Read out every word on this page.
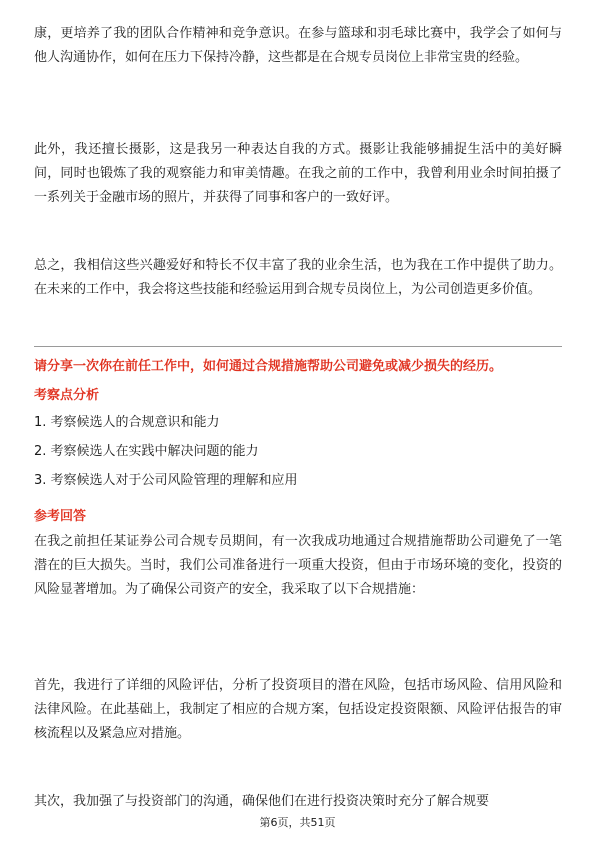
康，更培养了我的团队合作精神和竞争意识。在参与篮球和羽毛球比赛中，我学会了如何与他人沟通协作，如何在压力下保持冷静，这些都是在合规专员岗位上非常宝贵的经验。

此外，我还擅长摄影，这是我另一种表达自我的方式。摄影让我能够捕捉生活中的美好瞬间，同时也锻炼了我的观察能力和审美情趣。在我之前的工作中，我曾利用业余时间拍摄了一系列关于金融市场的照片，并获得了同事和客户的一致好评。

总之，我相信这些兴趣爱好和特长不仅丰富了我的业余生活，也为我在工作中提供了助力。在未来的工作中，我会将这些技能和经验运用到合规专员岗位上，为公司创造更多价值。

请分享一次你在前任工作中，如何通过合规措施帮助公司避免或减少损失的经历。

考察点分析

1. 考察候选人的合规意识和能力

2. 考察候选人在实践中解决问题的能力

3. 考察候选人对于公司风险管理的理解和应用

参考回答

在我之前担任某证券公司合规专员期间，有一次我成功地通过合规措施帮助公司避免了一笔潜在的巨大损失。当时，我们公司准备进行一项重大投资，但由于市场环境的变化，投资的风险显著增加。为了确保公司资产的安全，我采取了以下合规措施：

首先，我进行了详细的风险评估，分析了投资项目的潜在风险，包括市场风险、信用风险和法律风险。在此基础上，我制定了相应的合规方案，包括设定投资限额、风险评估报告的审核流程以及紧急应对措施。

其次，我加强了与投资部门的沟通，确保他们在进行投资决策时充分了解合规要

第6页，共51页
